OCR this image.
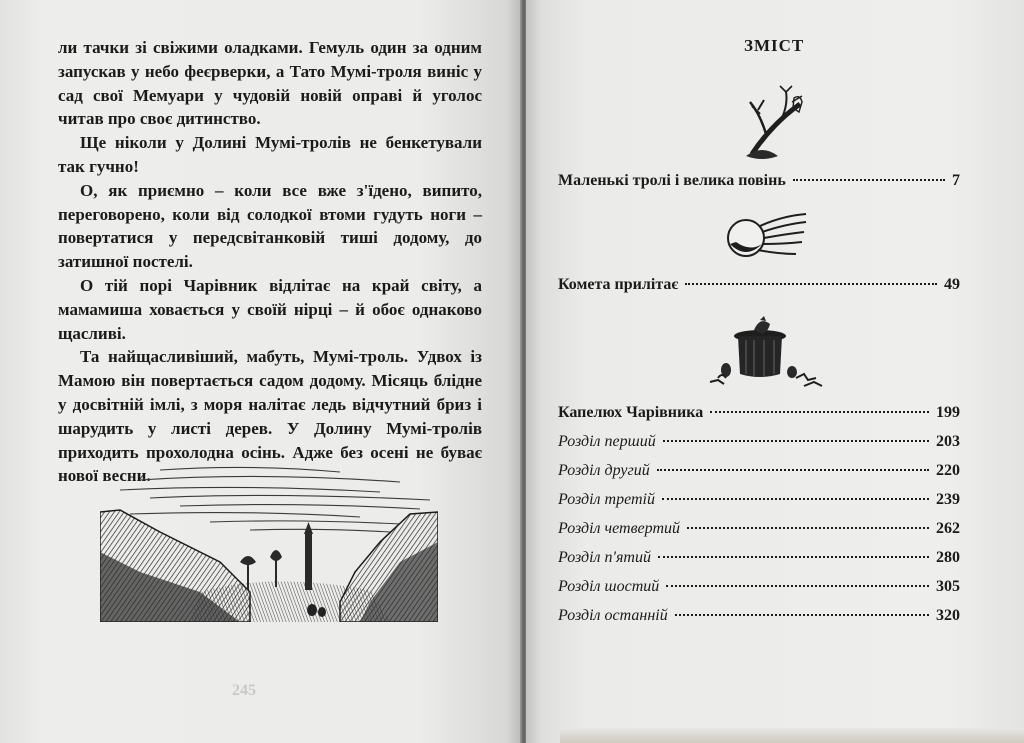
ли тачки зі свіжими оладками. Гемуль один за одним запускав у небо феєрверки, а Тато Мумі-троля виніс у сад свої Мемуари у чудовій новій оправі й уголос читав про своє дитинство.

Ще ніколи у Долині Мумі-тролів не бенкетували так гучно!

О, як приємно – коли все вже з'їдено, випито, переговорено, коли від солодкої втоми гудуть ноги – повертатися у передсвітанковій тиші додому, до затишної постелі.

О тій порі Чарівник відлітає на край світу, а мамамиша ховається у своїй нірці – й обоє однаково щасливі.

Та найщасливіший, мабуть, Мумі-троль. Удвох із Мамою він повертається садом додому. Місяць блідне у досвітній імлі, з моря налітає ледь відчутний бриз і шарудить у листі дерев. У Долину Мумі-тролів приходить прохолодна осінь. Адже без осені не буває нової весни.

245
ЗМІСТ
Маленькі тролі і велика повінь	7
Комета прилітає	49
Капелюх Чарівника	199
Розділ перший	203
Розділ другий	220
Розділ третій	239
Розділ четвертий	262
Розділ п'ятий	280
Розділ шостий	305
Розділ останній	320
